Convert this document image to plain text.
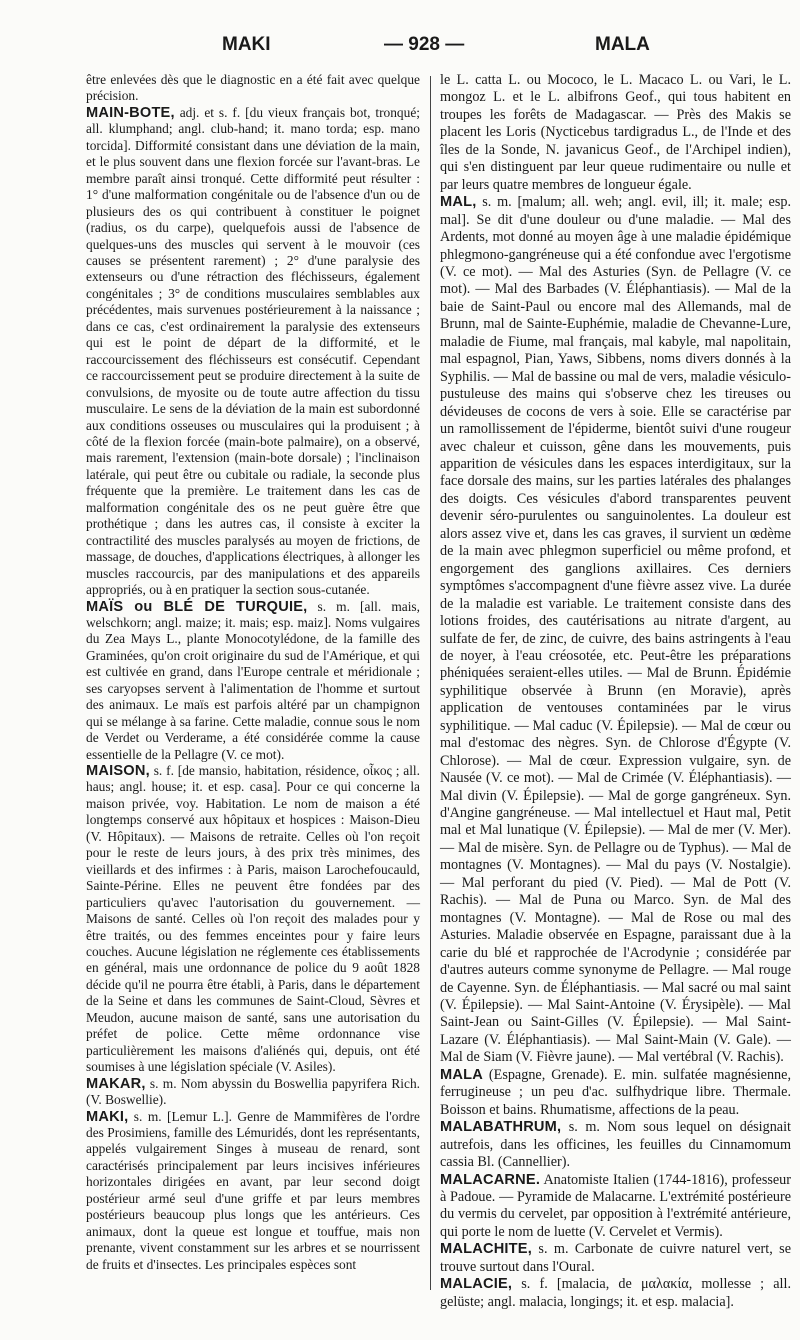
MAKI	— 928 —	MALA

être enlevées dès que le diagnostic en a été fait avec quelque précision.

MAIN-BOTE, adj. et s. f. [du vieux français bot, tronqué; all. klumphand; angl. club-hand; it. mano torda; esp. mano torcida]. Difformité consistant dans une déviation de la main, et le plus souvent dans une flexion forcée sur l'avant-bras. Le membre paraît ainsi tronqué. Cette difformité peut résulter : 1° d'une malformation congénitale ou de l'absence d'un ou de plusieurs des os qui contribuent à constituer le poignet (radius, os du carpe), quelquefois aussi de l'absence de quelques-uns des muscles qui servent à le mouvoir (ces causes se présentent rarement) ; 2° d'une paralysie des extenseurs ou d'une rétraction des fléchisseurs, également congénitales ; 3° de conditions musculaires semblables aux précédentes, mais survenues postérieurement à la naissance ; dans ce cas, c'est ordinairement la paralysie des extenseurs qui est le point de départ de la difformité, et le raccourcissement des fléchisseurs est consécutif. Cependant ce raccourcissement peut se produire directement à la suite de convulsions, de myosite ou de toute autre affection du tissu musculaire. Le sens de la déviation de la main est subordonné aux conditions osseuses ou musculaires qui la produisent ; à côté de la flexion forcée (main-bote palmaire), on a observé, mais rarement, l'extension (main-bote dorsale) ; l'inclinaison latérale, qui peut être ou cubitale ou radiale, la seconde plus fréquente que la première. Le traitement dans les cas de malformation congénitale des os ne peut guère être que prothétique ; dans les autres cas, il consiste à exciter la contractilité des muscles paralysés au moyen de frictions, de massage, de douches, d'applications électriques, à allonger les muscles raccourcis, par des manipulations et des appareils appropriés, ou à en pratiquer la section sous-cutanée.

MAÏS ou BLÉ DE TURQUIE, s. m. [all. mais, welschkorn; angl. maize; it. mais; esp. maiz]. Noms vulgaires du Zea Mays L., plante Monocotylédone, de la famille des Graminées, qu'on croit originaire du sud de l'Amérique, et qui est cultivée en grand, dans l'Europe centrale et méridionale ; ses caryopses servent à l'alimentation de l'homme et surtout des animaux. Le maïs est parfois altéré par un champignon qui se mélange à sa farine. Cette maladie, connue sous le nom de Verdet ou Verderame, a été considérée comme la cause essentielle de la Pellagre (V. ce mot).

MAISON, s. f. [de mansio, habitation, résidence, οἶκος ; all. haus; angl. house; it. et esp. casa]. Pour ce qui concerne la maison privée, voy. Habitation. Le nom de maison a été longtemps conservé aux hôpitaux et hospices : Maison-Dieu (V. Hôpitaux). — Maisons de retraite. Celles où l'on reçoit pour le reste de leurs jours, à des prix très minimes, des vieillards et des infirmes : à Paris, maison Larochefoucauld, Sainte-Périne. Elles ne peuvent être fondées par des particuliers qu'avec l'autorisation du gouvernement. — Maisons de santé. Celles où l'on reçoit des malades pour y être traités, ou des femmes enceintes pour y faire leurs couches. Aucune législation ne réglemente ces établissements en général, mais une ordonnance de police du 9 août 1828 décide qu'il ne pourra être établi, à Paris, dans le département de la Seine et dans les communes de Saint-Cloud, Sèvres et Meudon, aucune maison de santé, sans une autorisation du préfet de police. Cette même ordonnance vise particulièrement les maisons d'aliénés qui, depuis, ont été soumises à une législation spéciale (V. Asiles).

MAKAR, s. m. Nom abyssin du Boswellia papyrifera Rich. (V. Boswellie).

MAKI, s. m. [Lemur L.]. Genre de Mammifères de l'ordre des Prosimiens, famille des Lémuridés, dont les représentants, appelés vulgairement Singes à museau de renard, sont caractérisés principalement par leurs incisives inférieures horizontales dirigées en avant, par leur second doigt postérieur armé seul d'une griffe et par leurs membres postérieurs beaucoup plus longs que les antérieurs. Ces animaux, dont la queue est longue et touffue, mais non prenante, vivent constamment sur les arbres et se nourrissent de fruits et d'insectes. Les principales espèces sont

le L. catta L. ou Mococo, le L. Macaco L. ou Vari, le L. mongoz L. et le L. albifrons Geof., qui tous habitent en troupes les forêts de Madagascar. — Près des Makis se placent les Loris (Nycticebus tardigradus L., de l'Inde et des îles de la Sonde, N. javanicus Geof., de l'Archipel indien), qui s'en distinguent par leur queue rudimentaire ou nulle et par leurs quatre membres de longueur égale.

MAL, s. m. [malum; all. weh; angl. evil, ill; it. male; esp. mal]. Se dit d'une douleur ou d'une maladie. — Mal des Ardents, mot donné au moyen âge à une maladie épidémique phlegmono-gangréneuse qui a été confondue avec l'ergotisme (V. ce mot). — Mal des Asturies (Syn. de Pellagre (V. ce mot). — Mal des Barbades (V. Éléphantiasis). — Mal de la baie de Saint-Paul ou encore mal des Allemands, mal de Brunn, mal de Sainte-Euphémie, maladie de Chevanne-Lure, maladie de Fiume, mal français, mal kabyle, mal napolitain, mal espagnol, Pian, Yaws, Sibbens, noms divers donnés à la Syphilis. — Mal de bassine ou mal de vers, maladie vésiculo-pustuleuse des mains qui s'observe chez les tireuses ou dévideuses de cocons de vers à soie. Elle se caractérise par un ramollissement de l'épiderme, bientôt suivi d'une rougeur avec chaleur et cuisson, gêne dans les mouvements, puis apparition de vésicules dans les espaces interdigitaux, sur la face dorsale des mains, sur les parties latérales des phalanges des doigts. Ces vésicules d'abord transparentes peuvent devenir séro-purulentes ou sanguinolentes. La douleur est alors assez vive et, dans les cas graves, il survient un œdème de la main avec phlegmon superficiel ou même profond, et engorgement des ganglions axillaires. Ces derniers symptômes s'accompagnent d'une fièvre assez vive. La durée de la maladie est variable. Le traitement consiste dans des lotions froides, des cautérisations au nitrate d'argent, au sulfate de fer, de zinc, de cuivre, des bains astringents à l'eau de noyer, à l'eau créosotée, etc. Peut-être les préparations phéniquées seraient-elles utiles. — Mal de Brunn. Épidémie syphilitique observée à Brunn (en Moravie), après application de ventouses contaminées par le virus syphilitique. — Mal caduc (V. Épilepsie). — Mal de cœur ou mal d'estomac des nègres. Syn. de Chlorose d'Égypte (V. Chlorose). — Mal de cœur. Expression vulgaire, syn. de Nausée (V. ce mot). — Mal de Crimée (V. Éléphantiasis). — Mal divin (V. Épilepsie). — Mal de gorge gangréneux. Syn. d'Angine gangréneuse. — Mal intellectuel et Haut mal, Petit mal et Mal lunatique (V. Épilepsie). — Mal de mer (V. Mer). — Mal de misère. Syn. de Pellagre ou de Typhus). — Mal de montagnes (V. Montagnes). — Mal du pays (V. Nostalgie). — Mal perforant du pied (V. Pied). — Mal de Pott (V. Rachis). — Mal de Puna ou Marco. Syn. de Mal des montagnes (V. Montagne). — Mal de Rose ou mal des Asturies. Maladie observée en Espagne, paraissant due à la carie du blé et rapprochée de l'Acrodynie ; considérée par d'autres auteurs comme synonyme de Pellagre. — Mal rouge de Cayenne. Syn. de Éléphantiasis. — Mal sacré ou mal saint (V. Épilepsie). — Mal Saint-Antoine (V. Érysipèle). — Mal Saint-Jean ou Saint-Gilles (V. Épilepsie). — Mal Saint-Lazare (V. Éléphantiasis). — Mal Saint-Main (V. Gale). — Mal de Siam (V. Fièvre jaune). — Mal vertébral (V. Rachis).

MALA (Espagne, Grenade). E. min. sulfatée magnésienne, ferrugineuse ; un peu d'ac. sulfhydrique libre. Thermale. Boisson et bains. Rhumatisme, affections de la peau.

MALABATHRUM, s. m. Nom sous lequel on désignait autrefois, dans les officines, les feuilles du Cinnamomum cassia Bl. (Cannellier).

MALACARNE. Anatomiste Italien (1744-1816), professeur à Padoue. — Pyramide de Malacarne. L'extrémité postérieure du vermis du cervelet, par opposition à l'extrémité antérieure, qui porte le nom de luette (V. Cervelet et Vermis).

MALACHITE, s. m. Carbonate de cuivre naturel vert, se trouve surtout dans l'Oural.

MALACIE, s. f. [malacia, de μαλακία, mollesse ; all. gelüste; angl. malacia, longings; it. et esp. malacia].
